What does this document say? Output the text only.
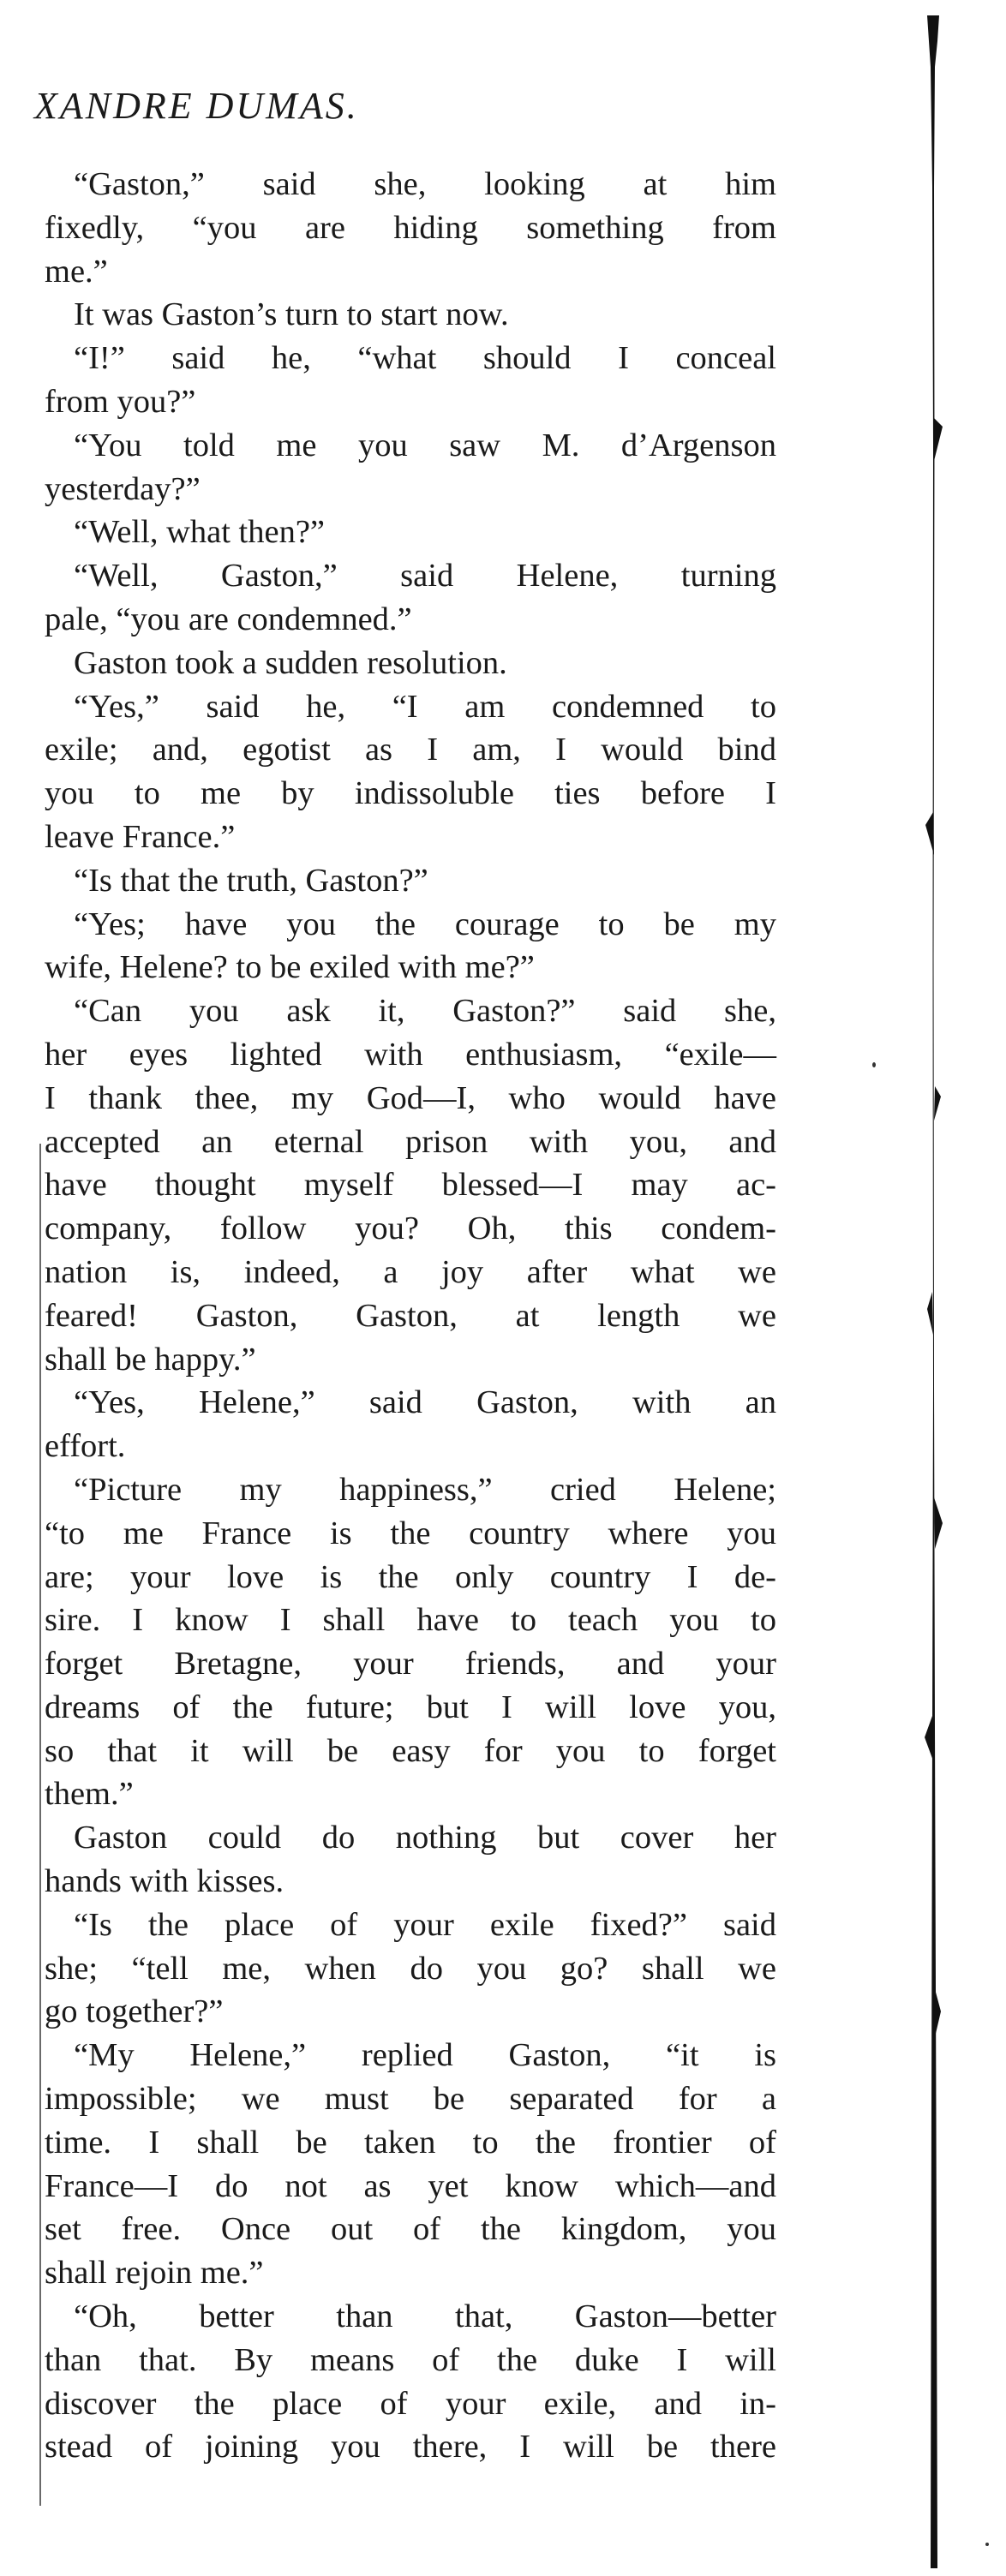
XANDRE DUMAS.
“Gaston,” said she, looking at him
fixedly, “you are hiding something from
me.”
It was Gaston’s turn to start now.
“I!” said he, “what should I conceal
from you?”
“You told me you saw M. d’Argenson
yesterday?”
“Well, what then?”
“Well, Gaston,” said Helene, turning
pale, “you are condemned.”
Gaston took a sudden resolution.
“Yes,” said he, “I am condemned to
exile; and, egotist as I am, I would bind
you to me by indissoluble ties before I
leave France.”
“Is that the truth, Gaston?”
“Yes; have you the courage to be my
wife, Helene? to be exiled with me?”
“Can you ask it, Gaston?” said she,
her eyes lighted with enthusiasm, “exile—
I thank thee, my God—I, who would have
accepted an eternal prison with you, and
have thought myself blessed—I may ac-
company, follow you? Oh, this condem-
nation is, indeed, a joy after what we
feared! Gaston, Gaston, at length we
shall be happy.”
“Yes, Helene,” said Gaston, with an
effort.
“Picture my happiness,” cried Helene;
“to me France is the country where you
are; your love is the only country I de-
sire. I know I shall have to teach you to
forget Bretagne, your friends, and your
dreams of the future; but I will love you,
so that it will be easy for you to forget
them.”
Gaston could do nothing but cover her
hands with kisses.
“Is the place of your exile fixed?” said
she; “tell me, when do you go? shall we
go together?”
“My Helene,” replied Gaston, “it is
impossible; we must be separated for a
time. I shall be taken to the frontier of
France—I do not as yet know which—and
set free. Once out of the kingdom, you
shall rejoin me.”
“Oh, better than that, Gaston—better
than that. By means of the duke I will
discover the place of your exile, and in-
stead of joining you there, I will be there
